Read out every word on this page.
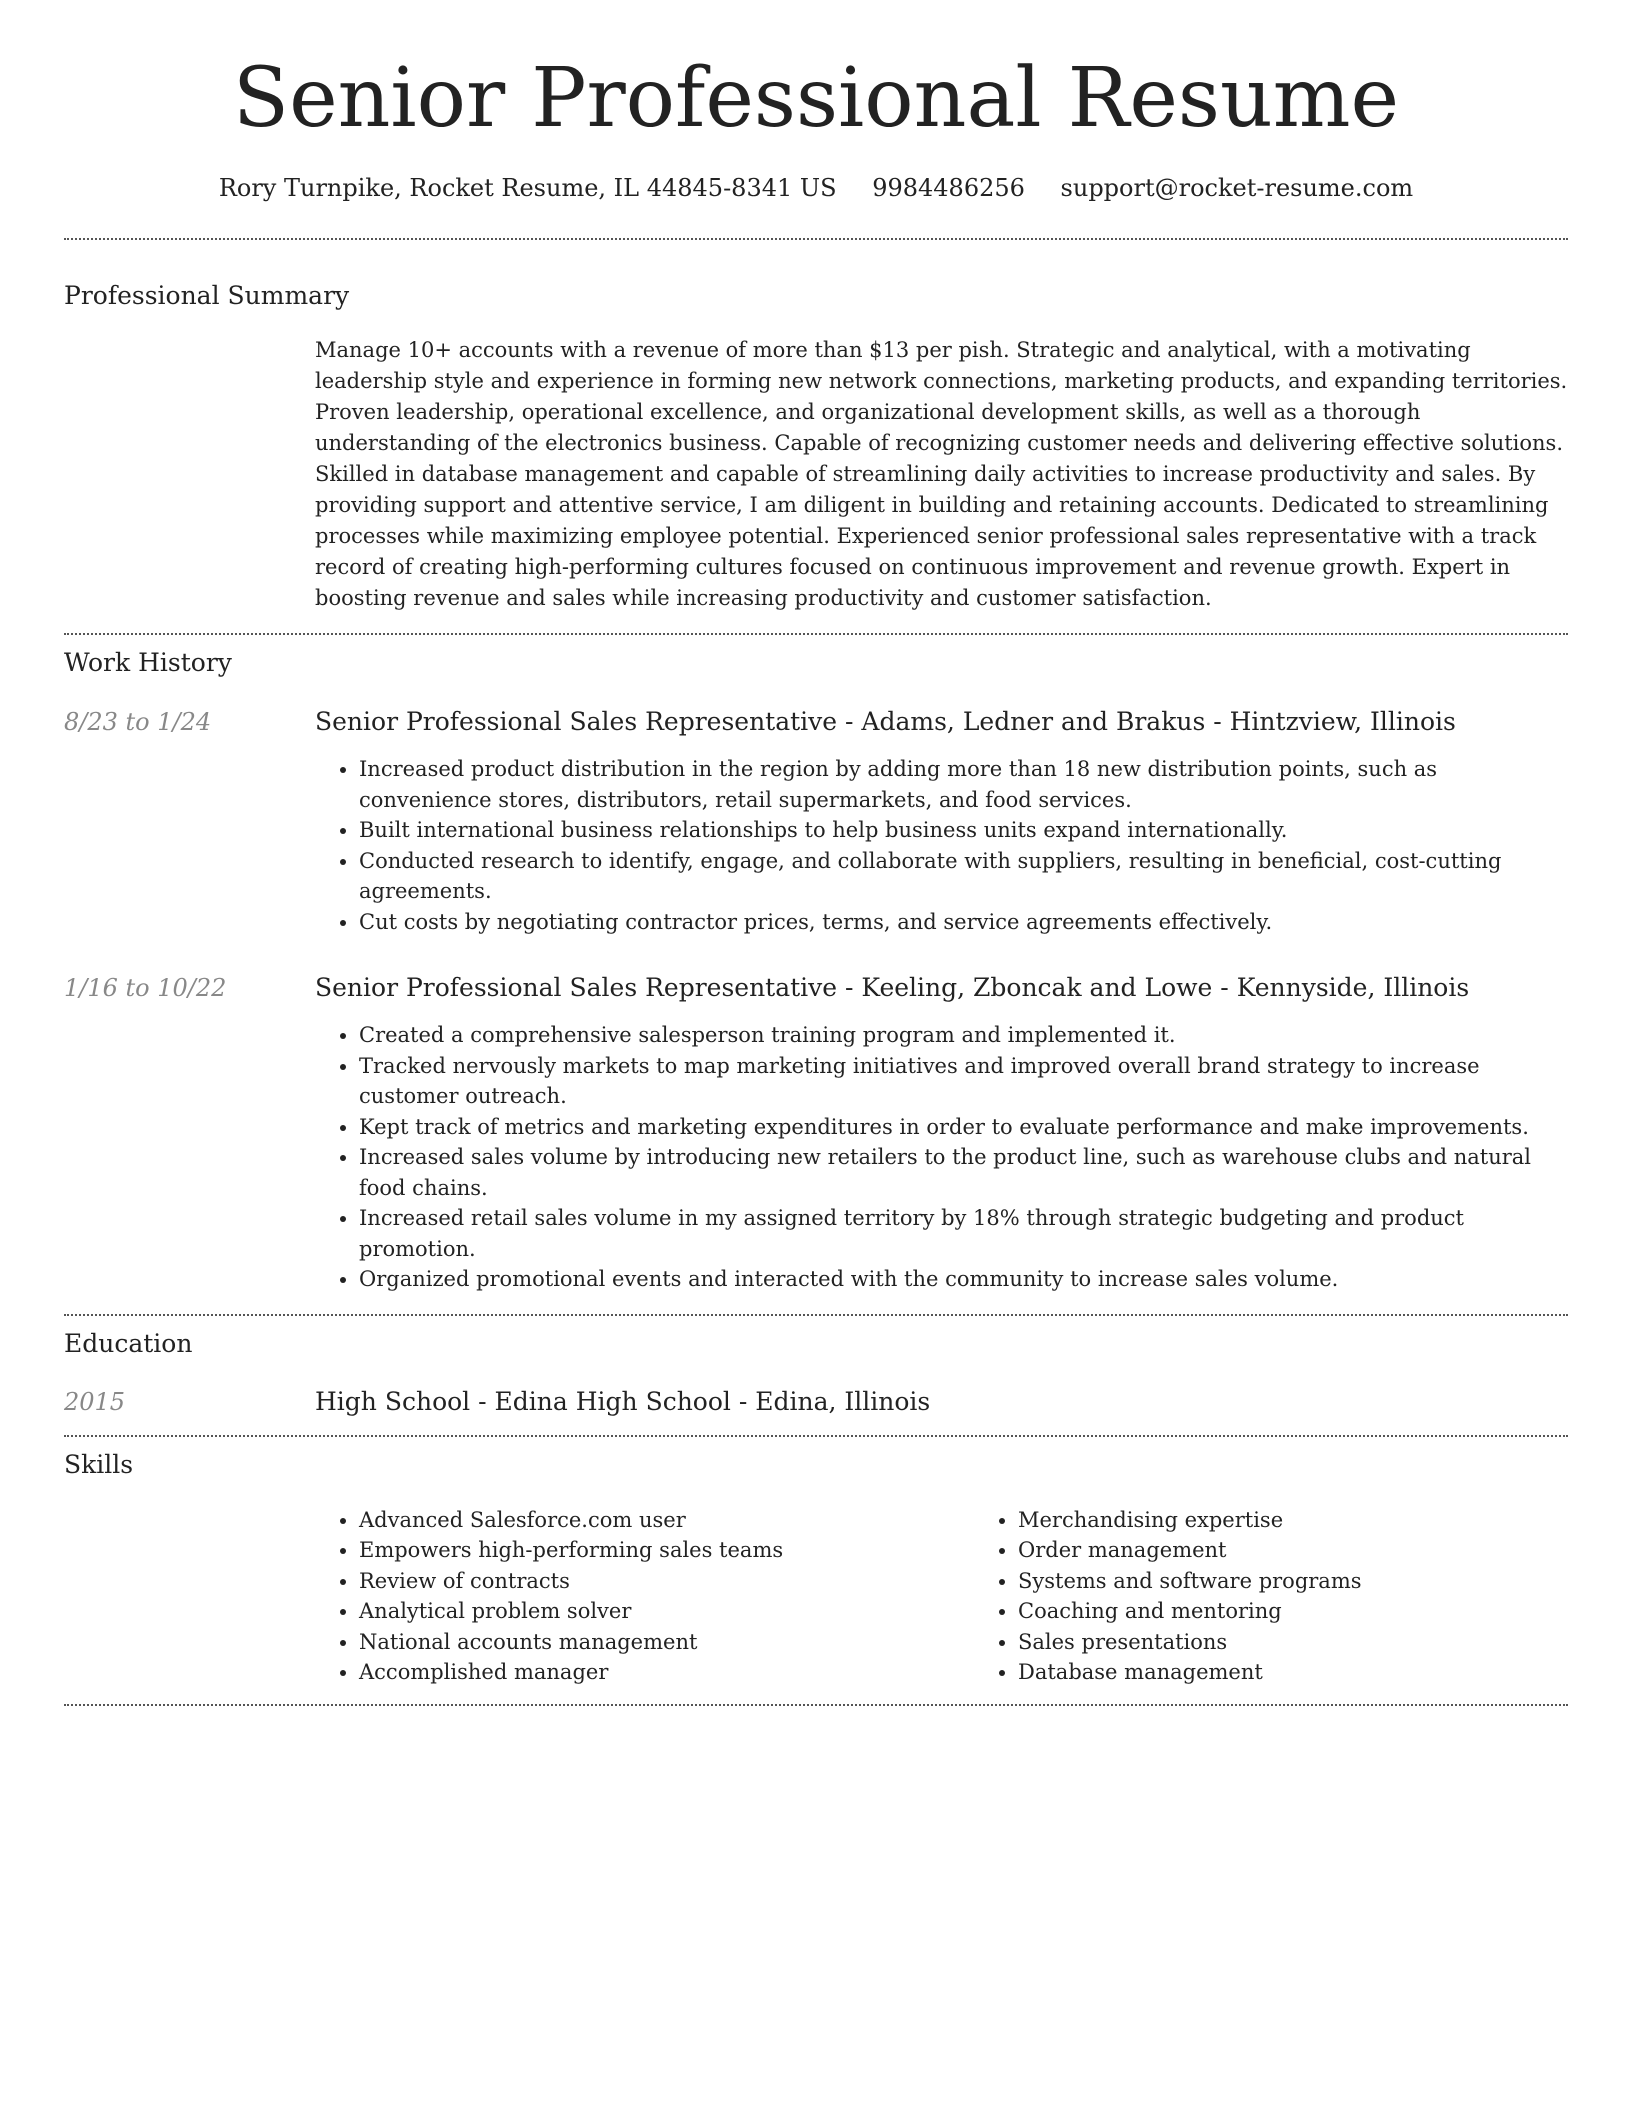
Senior Professional Resume
Rory Turnpike, Rocket Resume, IL 44845-8341 US 9984486256 support@rocket-resume.com
Professional Summary

Manage 10+ accounts with a revenue of more than $13 per pish. Strategic and analytical, with a motivating leadership style and experience in forming new network connections, marketing products, and expanding territories. Proven leadership, operational excellence, and organizational development skills, as well as a thorough understanding of the electronics business. Capable of recognizing customer needs and delivering effective solutions. Skilled in database management and capable of streamlining daily activities to increase productivity and sales. By providing support and attentive service, I am diligent in building and retaining accounts. Dedicated to streamlining processes while maximizing employee potential. Experienced senior professional sales representative with a track record of creating high-performing cultures focused on continuous improvement and revenue growth. Expert in boosting revenue and sales while increasing productivity and customer satisfaction.

Work History
8/23 to 1/24	Senior Professional Sales Representative - Adams, Ledner and Brakus - Hintzview, Illinois
• Increased product distribution in the region by adding more than 18 new distribution points, such as convenience stores, distributors, retail supermarkets, and food services.
• Built international business relationships to help business units expand internationally.
• Conducted research to identify, engage, and collaborate with suppliers, resulting in beneficial, cost-cutting agreements.
• Cut costs by negotiating contractor prices, terms, and service agreements effectively.
1/16 to 10/22	Senior Professional Sales Representative - Keeling, Zboncak and Lowe - Kennyside, Illinois
• Created a comprehensive salesperson training program and implemented it.
• Tracked nervously markets to map marketing initiatives and improved overall brand strategy to increase customer outreach.
• Kept track of metrics and marketing expenditures in order to evaluate performance and make improvements.
• Increased sales volume by introducing new retailers to the product line, such as warehouse clubs and natural food chains.
• Increased retail sales volume in my assigned territory by 18% through strategic budgeting and product promotion.
• Organized promotional events and interacted with the community to increase sales volume.
Education
2015	High School - Edina High School - Edina, Illinois
Skills
• Advanced Salesforce.com user
• Empowers high-performing sales teams
• Review of contracts
• Analytical problem solver
• National accounts management
• Accomplished manager
• Merchandising expertise
• Order management
• Systems and software programs
• Coaching and mentoring
• Sales presentations
• Database management
